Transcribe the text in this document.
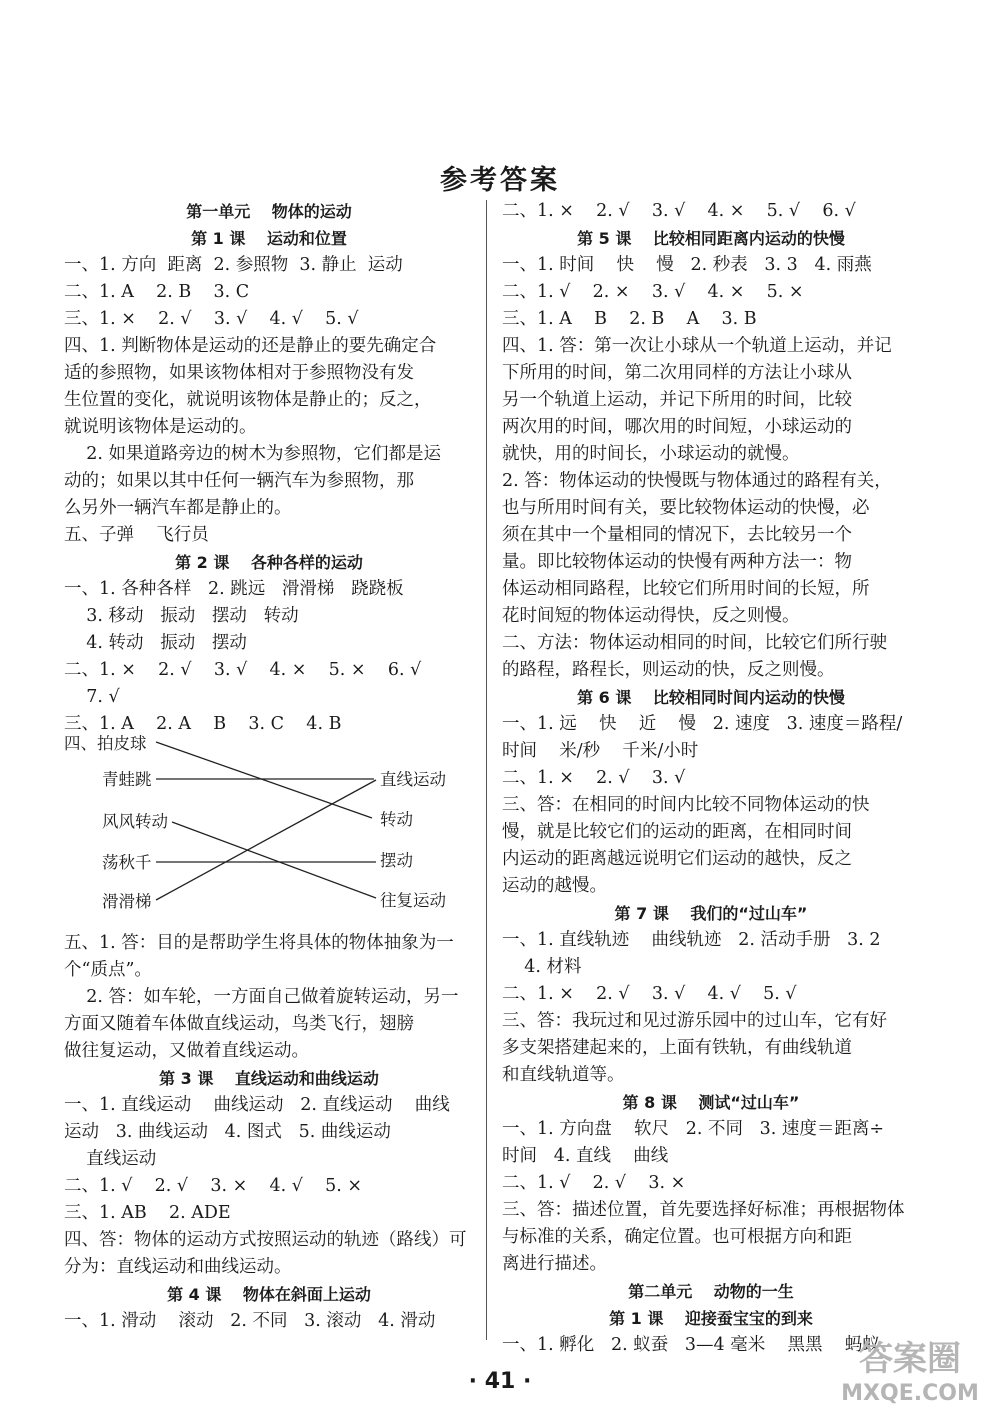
参考答案
第一单元　 物体的运动
第 1 课　 运动和位置
一、1. 方向  距离  2. 参照物  3. 静止  运动
二、1. A    2. B    3. C
三、1. ×    2. √    3. √    4. √    5. √
四、1. 判断物体是运动的还是静止的要先确定合
适的参照物，如果该物体相对于参照物没有发
生位置的变化，就说明该物体是静止的；反之，
就说明该物体是运动的。
2. 如果道路旁边的树木为参照物，它们都是运
动的；如果以其中任何一辆汽车为参照物，那
么另外一辆汽车都是静止的。
五、子弹    飞行员
第 2 课　 各种各样的运动
一、1. 各种各样   2. 跳远   滑滑梯   跷跷板
3. 移动   振动   摆动   转动
4. 转动   振动   摆动
二、1. ×    2. √    3. √    4. ×    5. ×    6. √
7. √
三、1. A    2. A    B    3. C    4. B
四、拍皮球
青蛙跳
风风转动
荡秋千
滑滑梯
直线运动
转动
摆动
往复运动
五、1. 答：目的是帮助学生将具体的物体抽象为一
个“质点”。
2. 答：如车轮，一方面自己做着旋转运动，另一
方面又随着车体做直线运动，鸟类飞行，翅膀
做往复运动，又做着直线运动。
第 3 课　 直线运动和曲线运动
一、1. 直线运动    曲线运动   2. 直线运动    曲线
运动   3. 曲线运动   4. 图式   5. 曲线运动
直线运动
二、1. √    2. √    3. ×    4. √    5. ×
三、1. AB    2. ADE
四、答：物体的运动方式按照运动的轨迹（路线）可
分为：直线运动和曲线运动。
第 4 课　 物体在斜面上运动
一、1. 滑动    滚动   2. 不同   3. 滚动   4. 滑动
二、1. ×    2. √    3. √    4. ×    5. √    6. √
第 5 课　 比较相同距离内运动的快慢
一、1. 时间    快    慢   2. 秒表   3. 3   4. 雨燕
二、1. √    2. ×    3. √    4. ×    5. ×
三、1. A    B    2. B    A    3. B
四、1. 答：第一次让小球从一个轨道上运动，并记
下所用的时间，第二次用同样的方法让小球从
另一个轨道上运动，并记下所用的时间，比较
两次用的时间，哪次用的时间短，小球运动的
就快，用的时间长，小球运动的就慢。
2. 答：物体运动的快慢既与物体通过的路程有关，
也与所用时间有关，要比较物体运动的快慢，必
须在其中一个量相同的情况下，去比较另一个
量。即比较物体运动的快慢有两种方法一：物
体运动相同路程，比较它们所用时间的长短，所
花时间短的物体运动得快，反之则慢。
二、方法：物体运动相同的时间，比较它们所行驶
的路程，路程长，则运动的快，反之则慢。
第 6 课　 比较相同时间内运动的快慢
一、1. 远    快    近    慢   2. 速度   3. 速度＝路程/
时间    米/秒    千米/小时
二、1. ×    2. √    3. √
三、答：在相同的时间内比较不同物体运动的快
慢，就是比较它们的运动的距离，在相同时间
内运动的距离越远说明它们运动的越快，反之
运动的越慢。
第 7 课　 我们的“过山车”
一、1. 直线轨迹    曲线轨迹   2. 活动手册   3. 2
4. 材料
二、1. ×    2. √    3. √    4. √    5. √
三、答：我玩过和见过游乐园中的过山车，它有好
多支架搭建起来的，上面有铁轨，有曲线轨道
和直线轨道等。
第 8 课　 测试“过山车”
一、1. 方向盘    软尺   2. 不同   3. 速度＝距离÷
时间   4. 直线    曲线
二、1. √    2. √    3. ×
三、答：描述位置，首先要选择好标准；再根据物体
与标准的关系，确定位置。也可根据方向和距
离进行描述。
第二单元　 动物的一生
第 1 课　 迎接蚕宝宝的到来
一、1. 孵化   2. 蚁蚕   3—4 毫米    黑黑    蚂蚁
· 41 ·
答案圈
MXQE.COM
